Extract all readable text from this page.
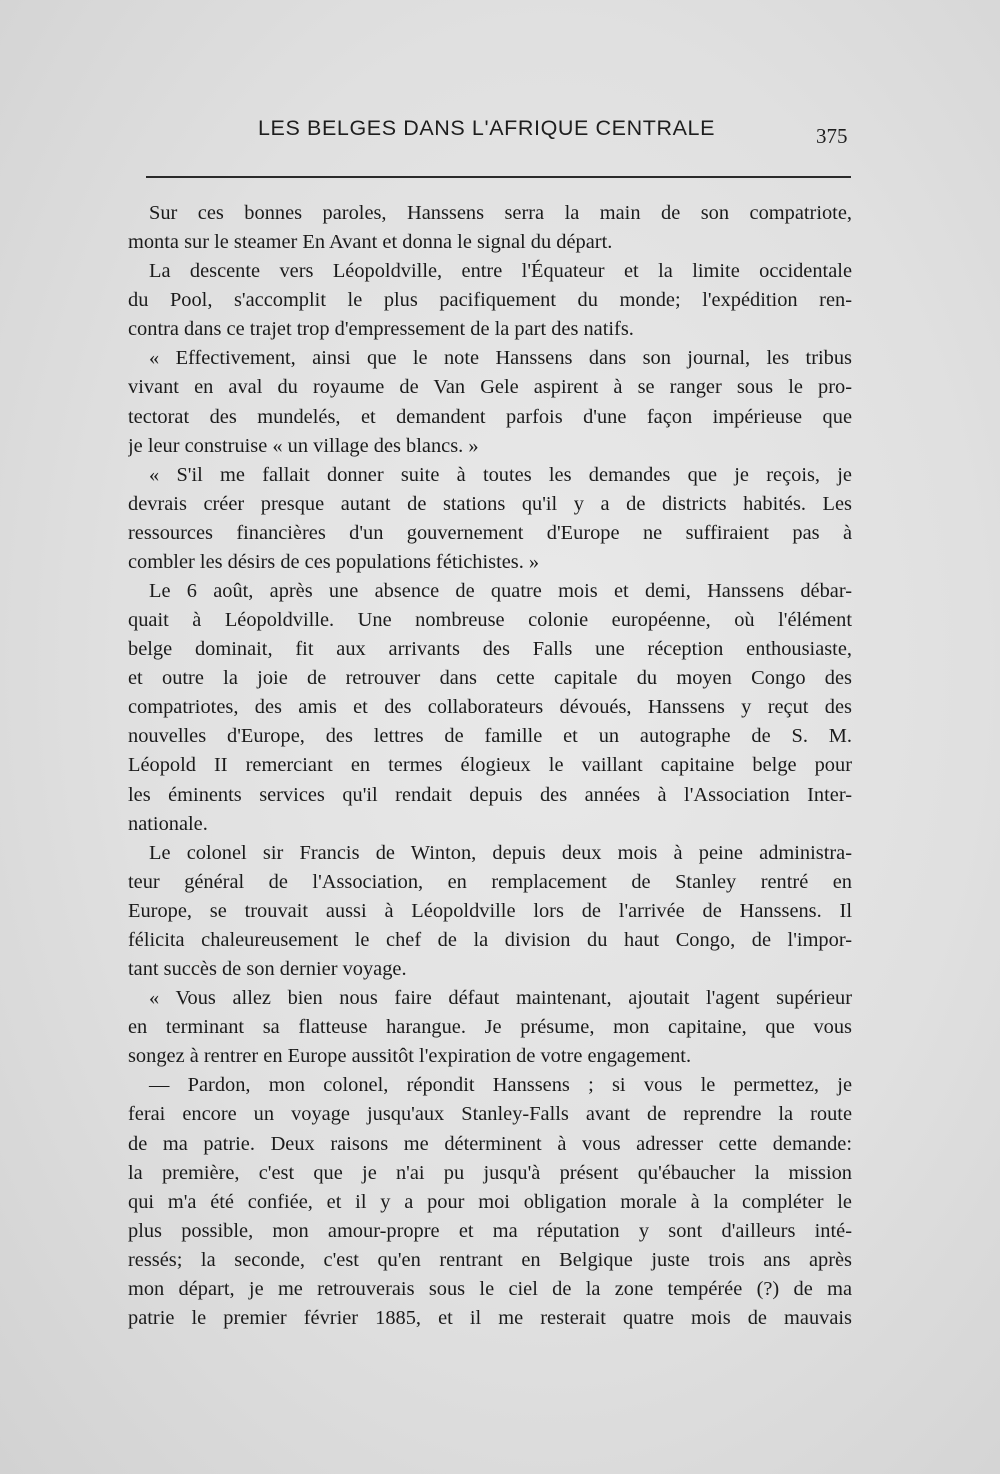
LES BELGES DANS L'AFRIQUE CENTRALE	375
Sur ces bonnes paroles, Hanssens serra la main de son compatriote,
monta sur le steamer En Avant et donna le signal du départ.
La descente vers Léopoldville, entre l'Équateur et la limite occidentale
du Pool, s'accomplit le plus pacifiquement du monde; l'expédition ren-
contra dans ce trajet trop d'empressement de la part des natifs.
« Effectivement, ainsi que le note Hanssens dans son journal, les tribus
vivant en aval du royaume de Van Gele aspirent à se ranger sous le pro-
tectorat des mundelés, et demandent parfois d'une façon impérieuse que
je leur construise « un village des blancs. »
« S'il me fallait donner suite à toutes les demandes que je reçois, je
devrais créer presque autant de stations qu'il y a de districts habités. Les
ressources financières d'un gouvernement d'Europe ne suffiraient pas à
combler les désirs de ces populations fétichistes. »
Le 6 août, après une absence de quatre mois et demi, Hanssens débar-
quait à Léopoldville. Une nombreuse colonie européenne, où l'élément
belge dominait, fit aux arrivants des Falls une réception enthousiaste,
et outre la joie de retrouver dans cette capitale du moyen Congo des
compatriotes, des amis et des collaborateurs dévoués, Hanssens y reçut des
nouvelles d'Europe, des lettres de famille et un autographe de S. M.
Léopold II remerciant en termes élogieux le vaillant capitaine belge pour
les éminents services qu'il rendait depuis des années à l'Association Inter-
nationale.
Le colonel sir Francis de Winton, depuis deux mois à peine administra-
teur général de l'Association, en remplacement de Stanley rentré en
Europe, se trouvait aussi à Léopoldville lors de l'arrivée de Hanssens. Il
félicita chaleureusement le chef de la division du haut Congo, de l'impor-
tant succès de son dernier voyage.
« Vous allez bien nous faire défaut maintenant, ajoutait l'agent supérieur
en terminant sa flatteuse harangue. Je présume, mon capitaine, que vous
songez à rentrer en Europe aussitôt l'expiration de votre engagement.
— Pardon, mon colonel, répondit Hanssens ; si vous le permettez, je
ferai encore un voyage jusqu'aux Stanley-Falls avant de reprendre la route
de ma patrie. Deux raisons me déterminent à vous adresser cette demande:
la première, c'est que je n'ai pu jusqu'à présent qu'ébaucher la mission
qui m'a été confiée, et il y a pour moi obligation morale à la compléter le
plus possible, mon amour-propre et ma réputation y sont d'ailleurs inté-
ressés; la seconde, c'est qu'en rentrant en Belgique juste trois ans après
mon départ, je me retrouverais sous le ciel de la zone tempérée (?) de ma
patrie le premier février 1885, et il me resterait quatre mois de mauvais
